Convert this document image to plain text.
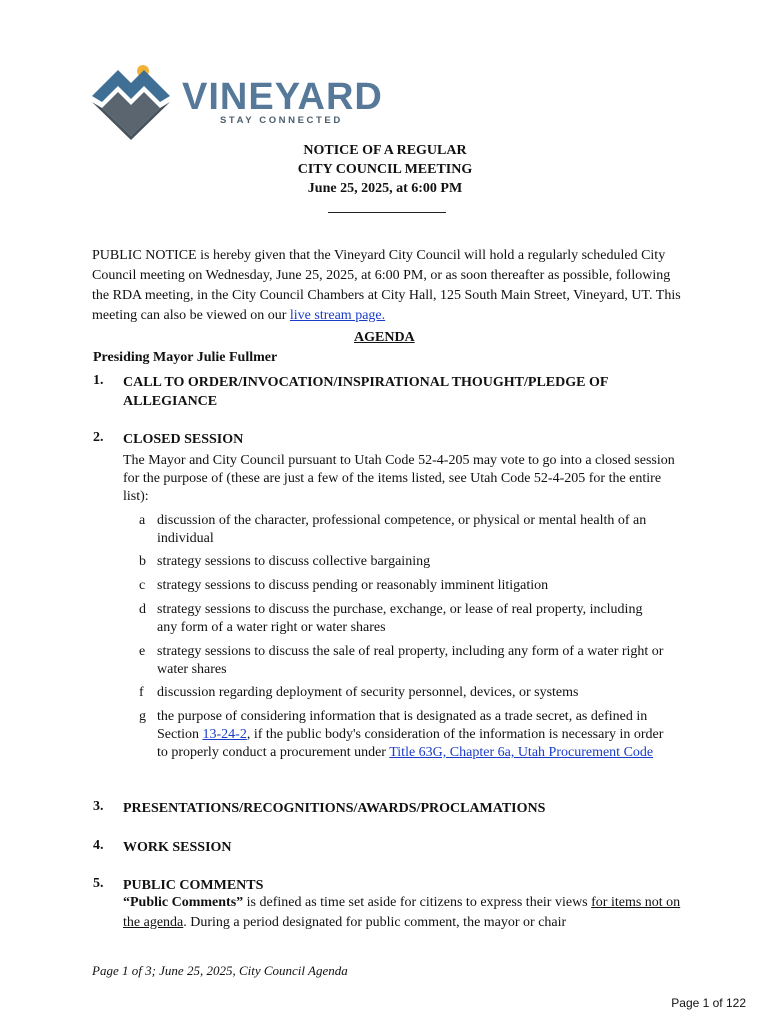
VINEYARD
STAY CONNECTED
NOTICE OF A REGULAR
CITY COUNCIL MEETING
June 25, 2025, at 6:00 PM
PUBLIC NOTICE is hereby given that the Vineyard City Council will hold a regularly scheduled City Council meeting on Wednesday, June 25, 2025, at 6:00 PM, or as soon thereafter as possible, following the RDA meeting, in the City Council Chambers at City Hall, 125 South Main Street, Vineyard, UT. This meeting can also be viewed on our live stream page.
AGENDA
Presiding Mayor Julie Fullmer
1. CALL TO ORDER/INVOCATION/INSPIRATIONAL THOUGHT/PLEDGE OF ALLEGIANCE
2. CLOSED SESSION
The Mayor and City Council pursuant to Utah Code 52-4-205 may vote to go into a closed session for the purpose of (these are just a few of the items listed, see Utah Code 52-4-205 for the entire list):
a discussion of the character, professional competence, or physical or mental health of an individual
b strategy sessions to discuss collective bargaining
c strategy sessions to discuss pending or reasonably imminent litigation
d strategy sessions to discuss the purchase, exchange, or lease of real property, including any form of a water right or water shares
e strategy sessions to discuss the sale of real property, including any form of a water right or water shares
f discussion regarding deployment of security personnel, devices, or systems
g the purpose of considering information that is designated as a trade secret, as defined in Section 13-24-2, if the public body's consideration of the information is necessary in order to properly conduct a procurement under Title 63G, Chapter 6a, Utah Procurement Code
3. PRESENTATIONS/RECOGNITIONS/AWARDS/PROCLAMATIONS
4. WORK SESSION
5. PUBLIC COMMENTS
“Public Comments” is defined as time set aside for citizens to express their views for items not on the agenda. During a period designated for public comment, the mayor or chair
Page 1 of 3; June 25, 2025, City Council Agenda
Page 1 of 122
